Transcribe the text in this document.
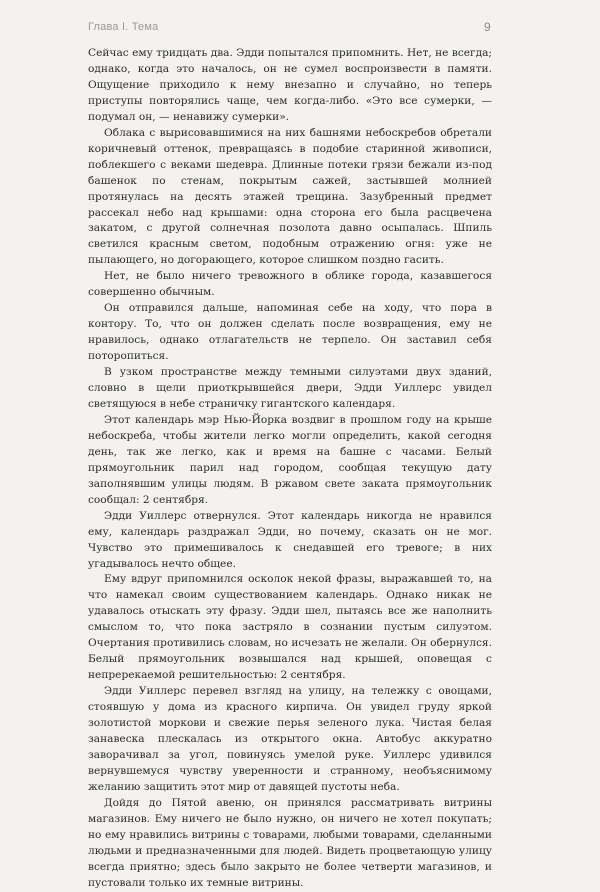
Глава I. Тема	9

Сейчас ему тридцать два. Эдди попытался припомнить. Нет, не всегда; однако, когда это началось, он не сумел воспроизвести в памяти. Ощущение приходило к нему внезапно и случайно, но теперь приступы повторялись чаще, чем когда-либо. «Это все сумерки, — подумал он, — ненавижу сумерки».

Облака с вырисовавшимися на них башнями небоскребов обретали коричневый оттенок, превращаясь в подобие старинной живописи, поблекшего с веками шедевра. Длинные потеки грязи бежали из-под башенок по стенам, покрытым сажей, застывшей молнией протянулась на десять этажей трещина. Зазубренный предмет рассекал небо над крышами: одна сторона его была расцвечена закатом, с другой солнечная позолота давно осыпалась. Шпиль светился красным светом, подобным отражению огня: уже не пылающего, но догорающего, которое слишком поздно гасить.

Нет, не было ничего тревожного в облике города, казавшегося совершенно обычным.

Он отправился дальше, напоминая себе на ходу, что пора в контору. То, что он должен сделать после возвращения, ему не нравилось, однако отлагательств не терпело. Он заставил себя поторопиться.

В узком пространстве между темными силуэтами двух зданий, словно в щели приоткрывшейся двери, Эдди Уиллерс увидел светящуюся в небе страничку гигантского календаря.

Этот календарь мэр Нью-Йорка воздвиг в прошлом году на крыше небоскреба, чтобы жители легко могли определить, какой сегодня день, так же легко, как и время на башне с часами. Белый прямоугольник парил над городом, сообщая текущую дату заполнявшим улицы людям. В ржавом свете заката прямоугольник сообщал: 2 сентября.

Эдди Уиллерс отвернулся. Этот календарь никогда не нравился ему, календарь раздражал Эдди, но почему, сказать он не мог. Чувство это примешивалось к снедавшей его тревоге; в них угадывалось нечто общее.

Ему вдруг припомнился осколок некой фразы, выражавшей то, на что намекал своим существованием календарь. Однако никак не удавалось отыскать эту фразу. Эдди шел, пытаясь все же наполнить смыслом то, что пока застряло в сознании пустым силуэтом. Очертания противились словам, но исчезать не желали. Он обернулся. Белый прямоугольник возвышался над крышей, оповещая с непререкаемой решительностью: 2 сентября.

Эдди Уиллерс перевел взгляд на улицу, на тележку с овощами, стоявшую у дома из красного кирпича. Он увидел груду яркой золотистой моркови и свежие перья зеленого лука. Чистая белая занавеска плескалась из открытого окна. Автобус аккуратно заворачивал за угол, повинуясь умелой руке. Уиллерс удивился вернувшемуся чувству уверенности и странному, необъяснимому желанию защитить этот мир от давящей пустоты неба.

Дойдя до Пятой авеню, он принялся рассматривать витрины магазинов. Ему ничего не было нужно, он ничего не хотел покупать; но ему нравились витрины с товарами, любыми товарами, сделанными людьми и предназначенными для людей. Видеть процветающую улицу всегда приятно; здесь было закрыто не более четверти магазинов, и пустовали только их темные витрины.
